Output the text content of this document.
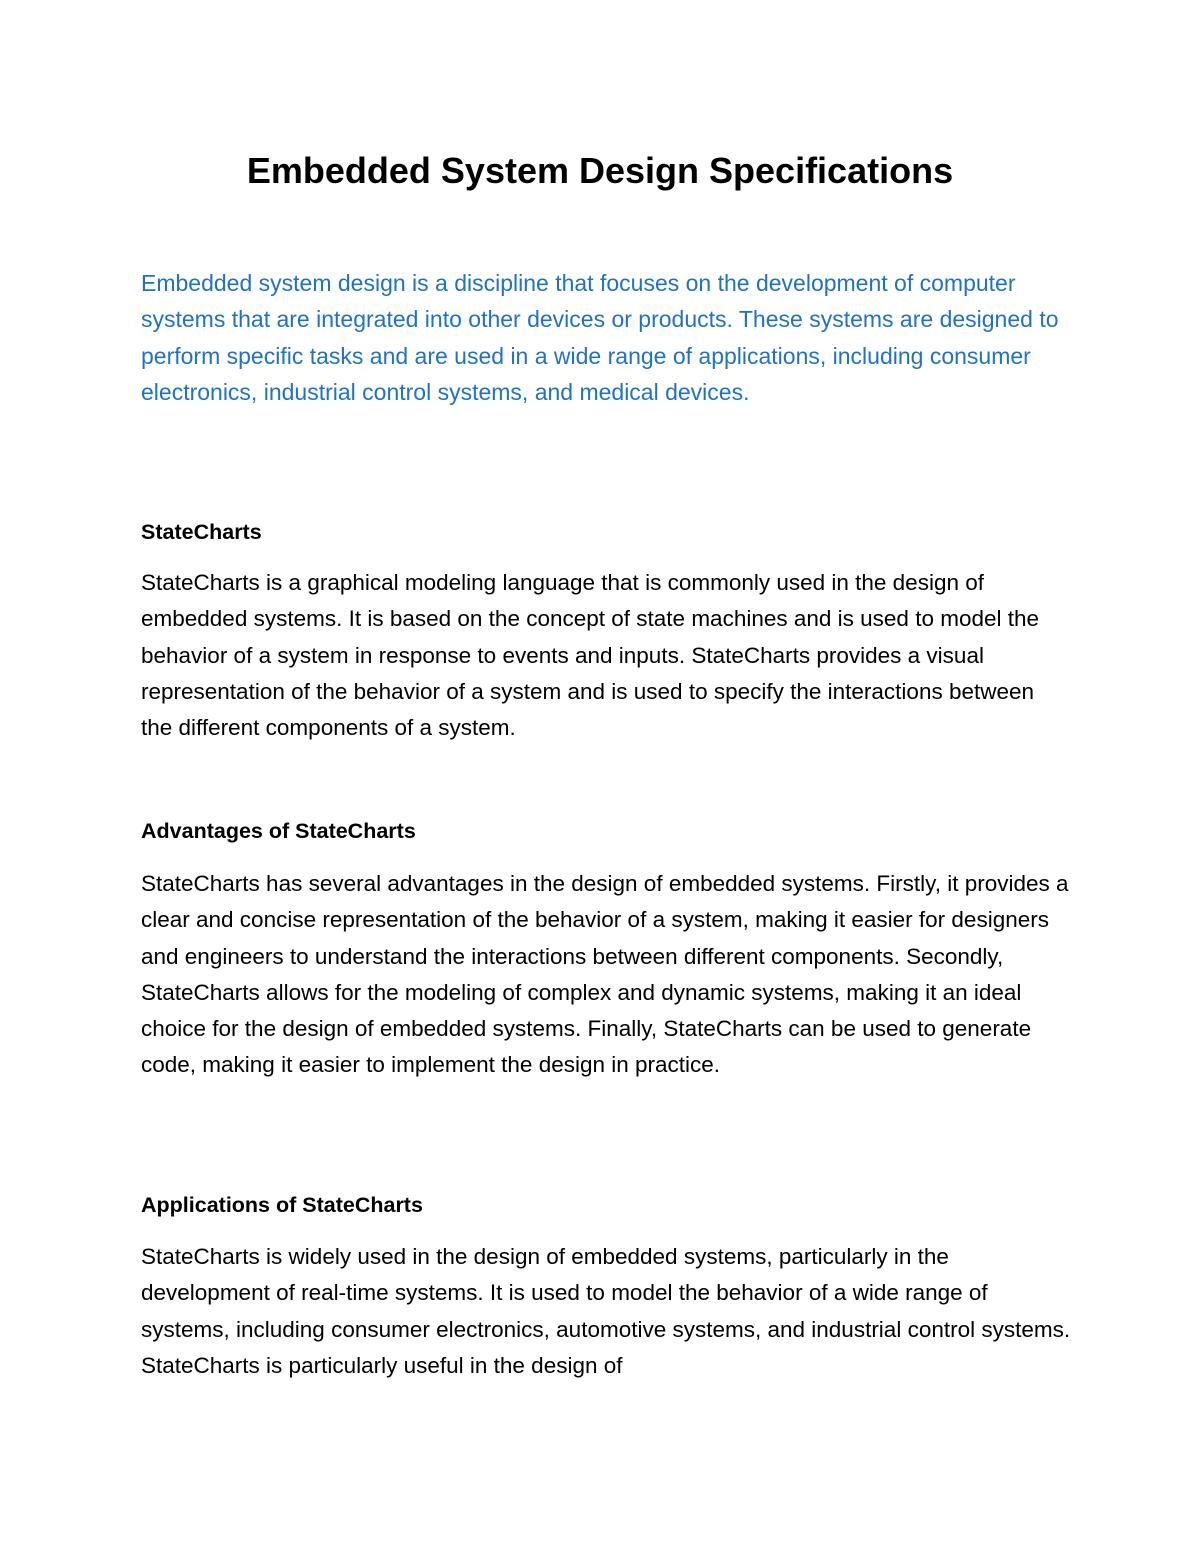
Embedded System Design Specifications

Embedded system design is a discipline that focuses on the development of computer systems that are integrated into other devices or products. These systems are designed to perform specific tasks and are used in a wide range of applications, including consumer electronics, industrial control systems, and medical devices.

StateCharts

StateCharts is a graphical modeling language that is commonly used in the design of embedded systems. It is based on the concept of state machines and is used to model the behavior of a system in response to events and inputs. StateCharts provides a visual representation of the behavior of a system and is used to specify the interactions between the different components of a system.

Advantages of StateCharts

StateCharts has several advantages in the design of embedded systems. Firstly, it provides a clear and concise representation of the behavior of a system, making it easier for designers and engineers to understand the interactions between different components. Secondly, StateCharts allows for the modeling of complex and dynamic systems, making it an ideal choice for the design of embedded systems. Finally, StateCharts can be used to generate code, making it easier to implement the design in practice.

Applications of StateCharts

StateCharts is widely used in the design of embedded systems, particularly in the development of real-time systems. It is used to model the behavior of a wide range of systems, including consumer electronics, automotive systems, and industrial control systems. StateCharts is particularly useful in the design of
